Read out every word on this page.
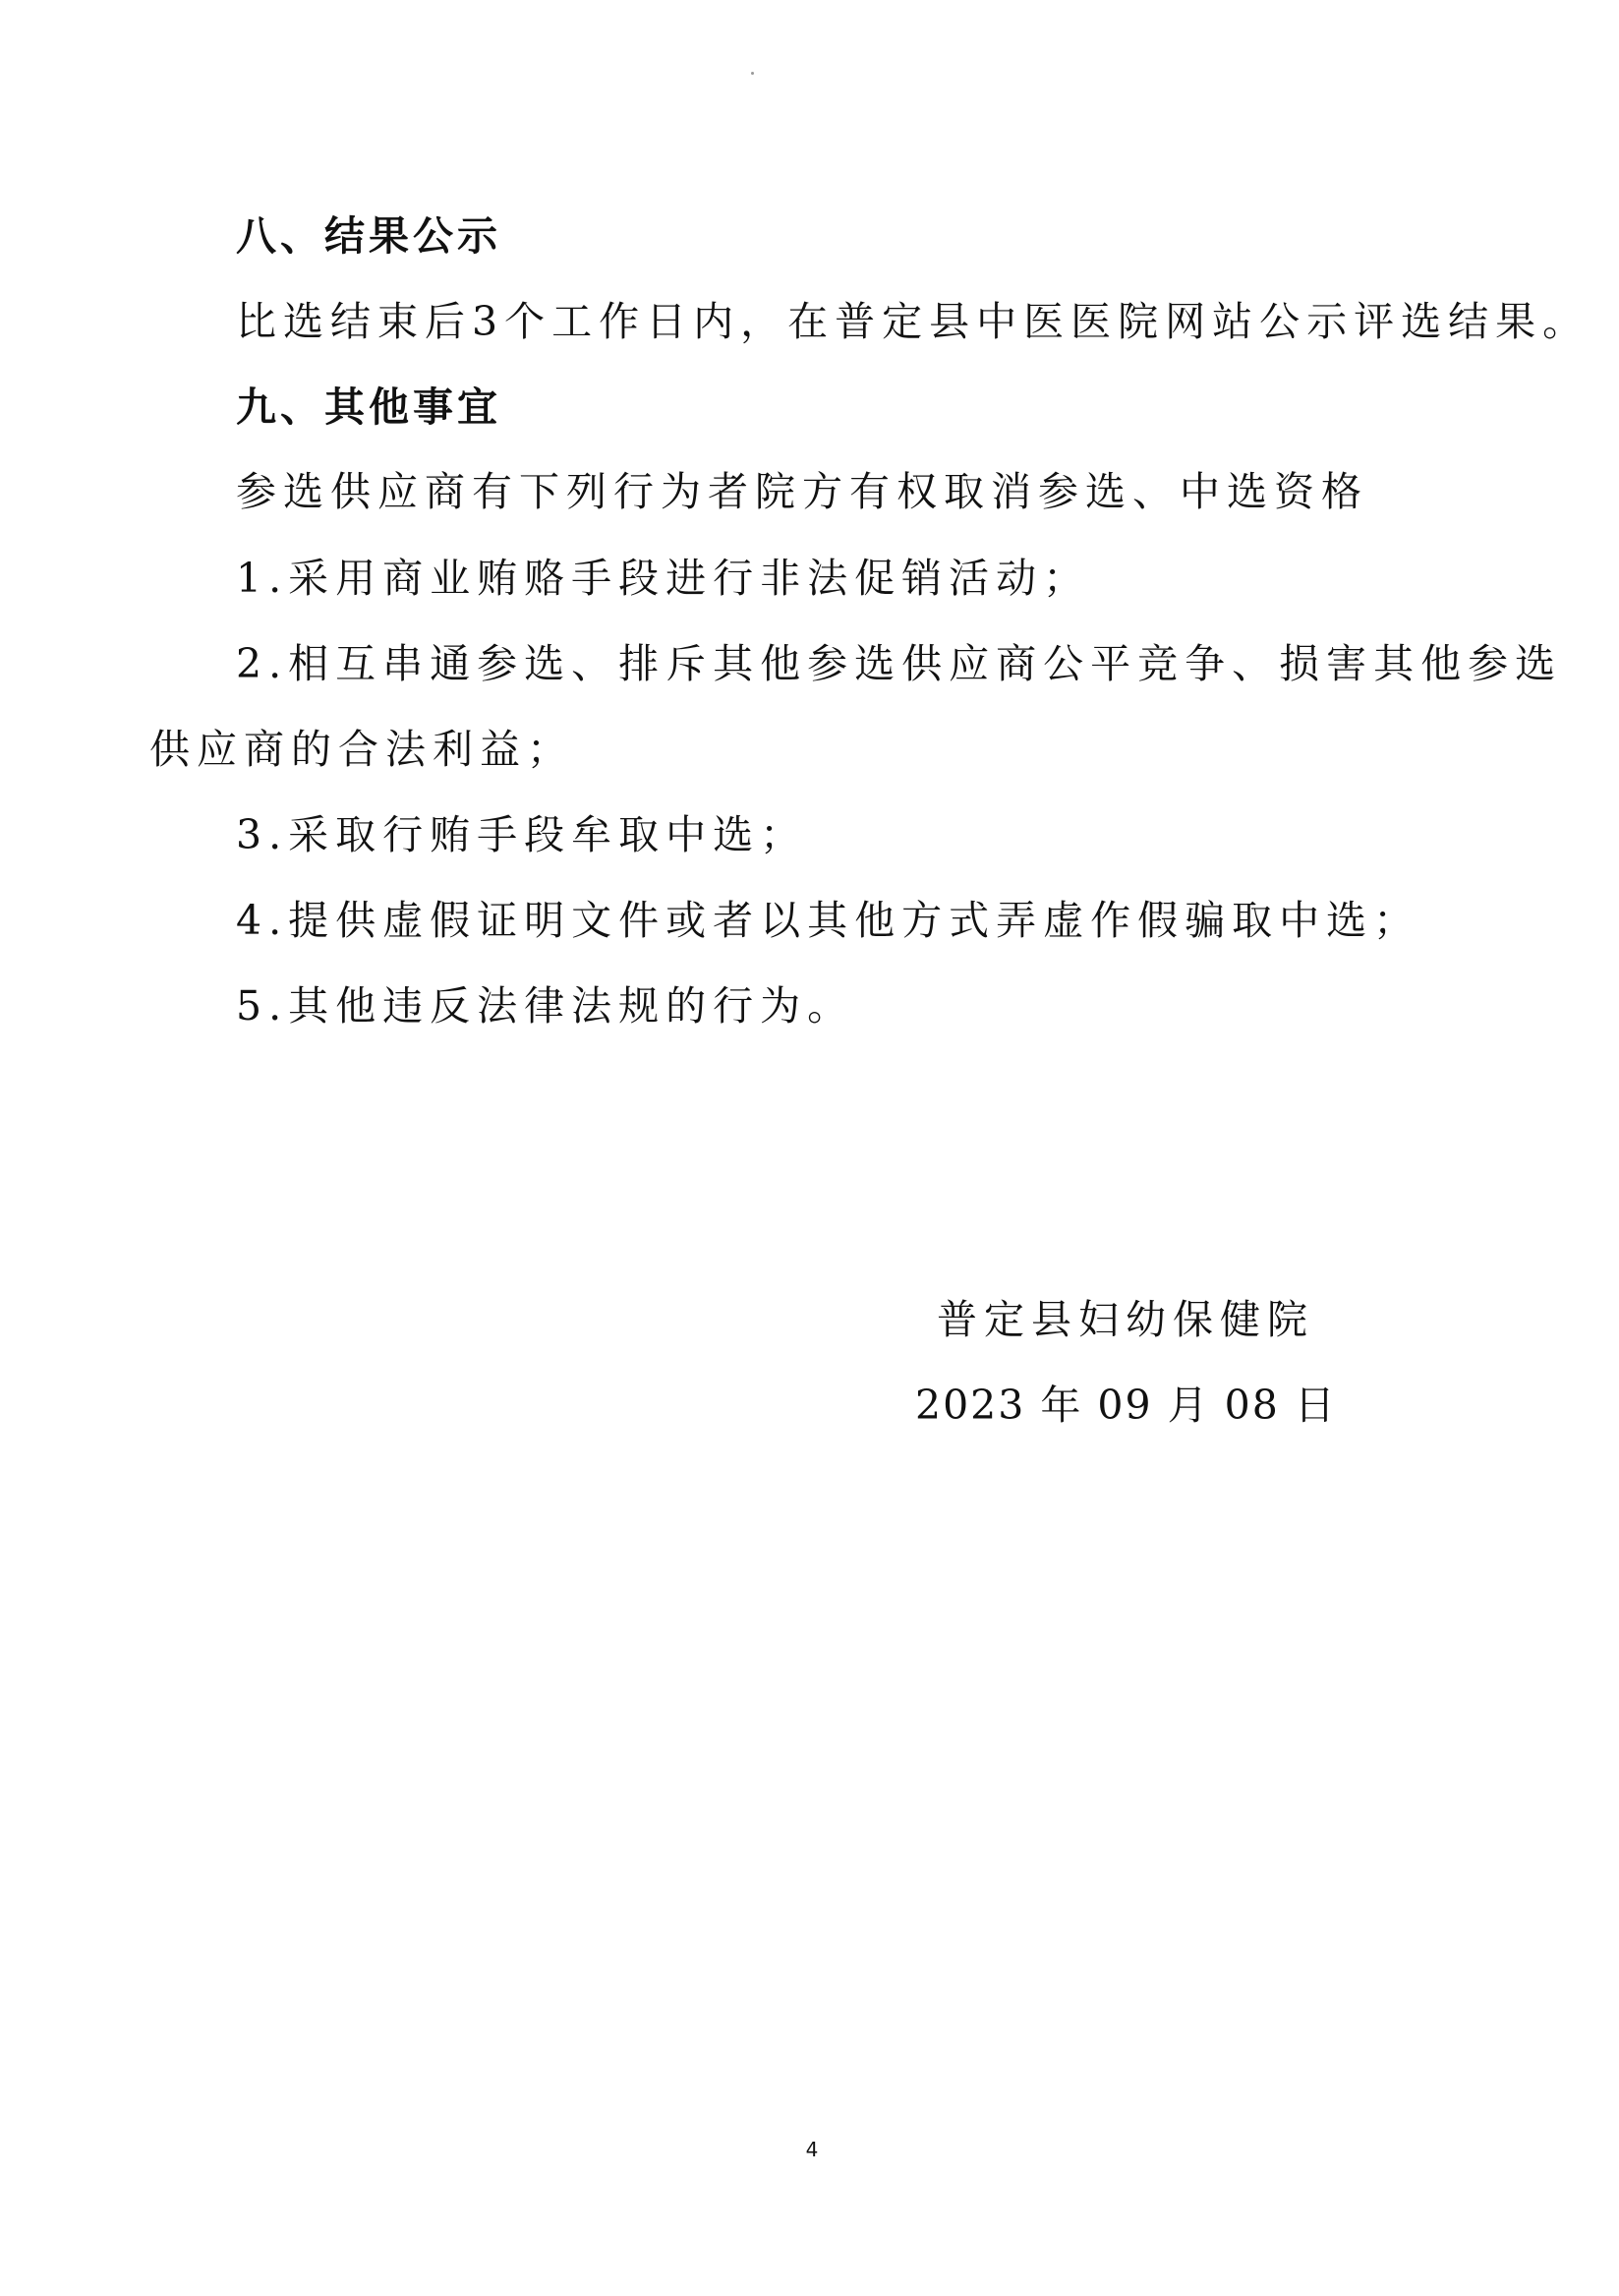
八、结果公示
比选结束后3个工作日内，在普定县中医医院网站公示评选结果。
九、其他事宜
参选供应商有下列行为者院方有权取消参选、中选资格
1.采用商业贿赂手段进行非法促销活动；
2.相互串通参选、排斥其他参选供应商公平竞争、损害其他参选
供应商的合法利益；
3.采取行贿手段牟取中选；
4.提供虚假证明文件或者以其他方式弄虚作假骗取中选；
5.其他违反法律法规的行为。
普定县妇幼保健院
2023 年 09 月 08 日
4
